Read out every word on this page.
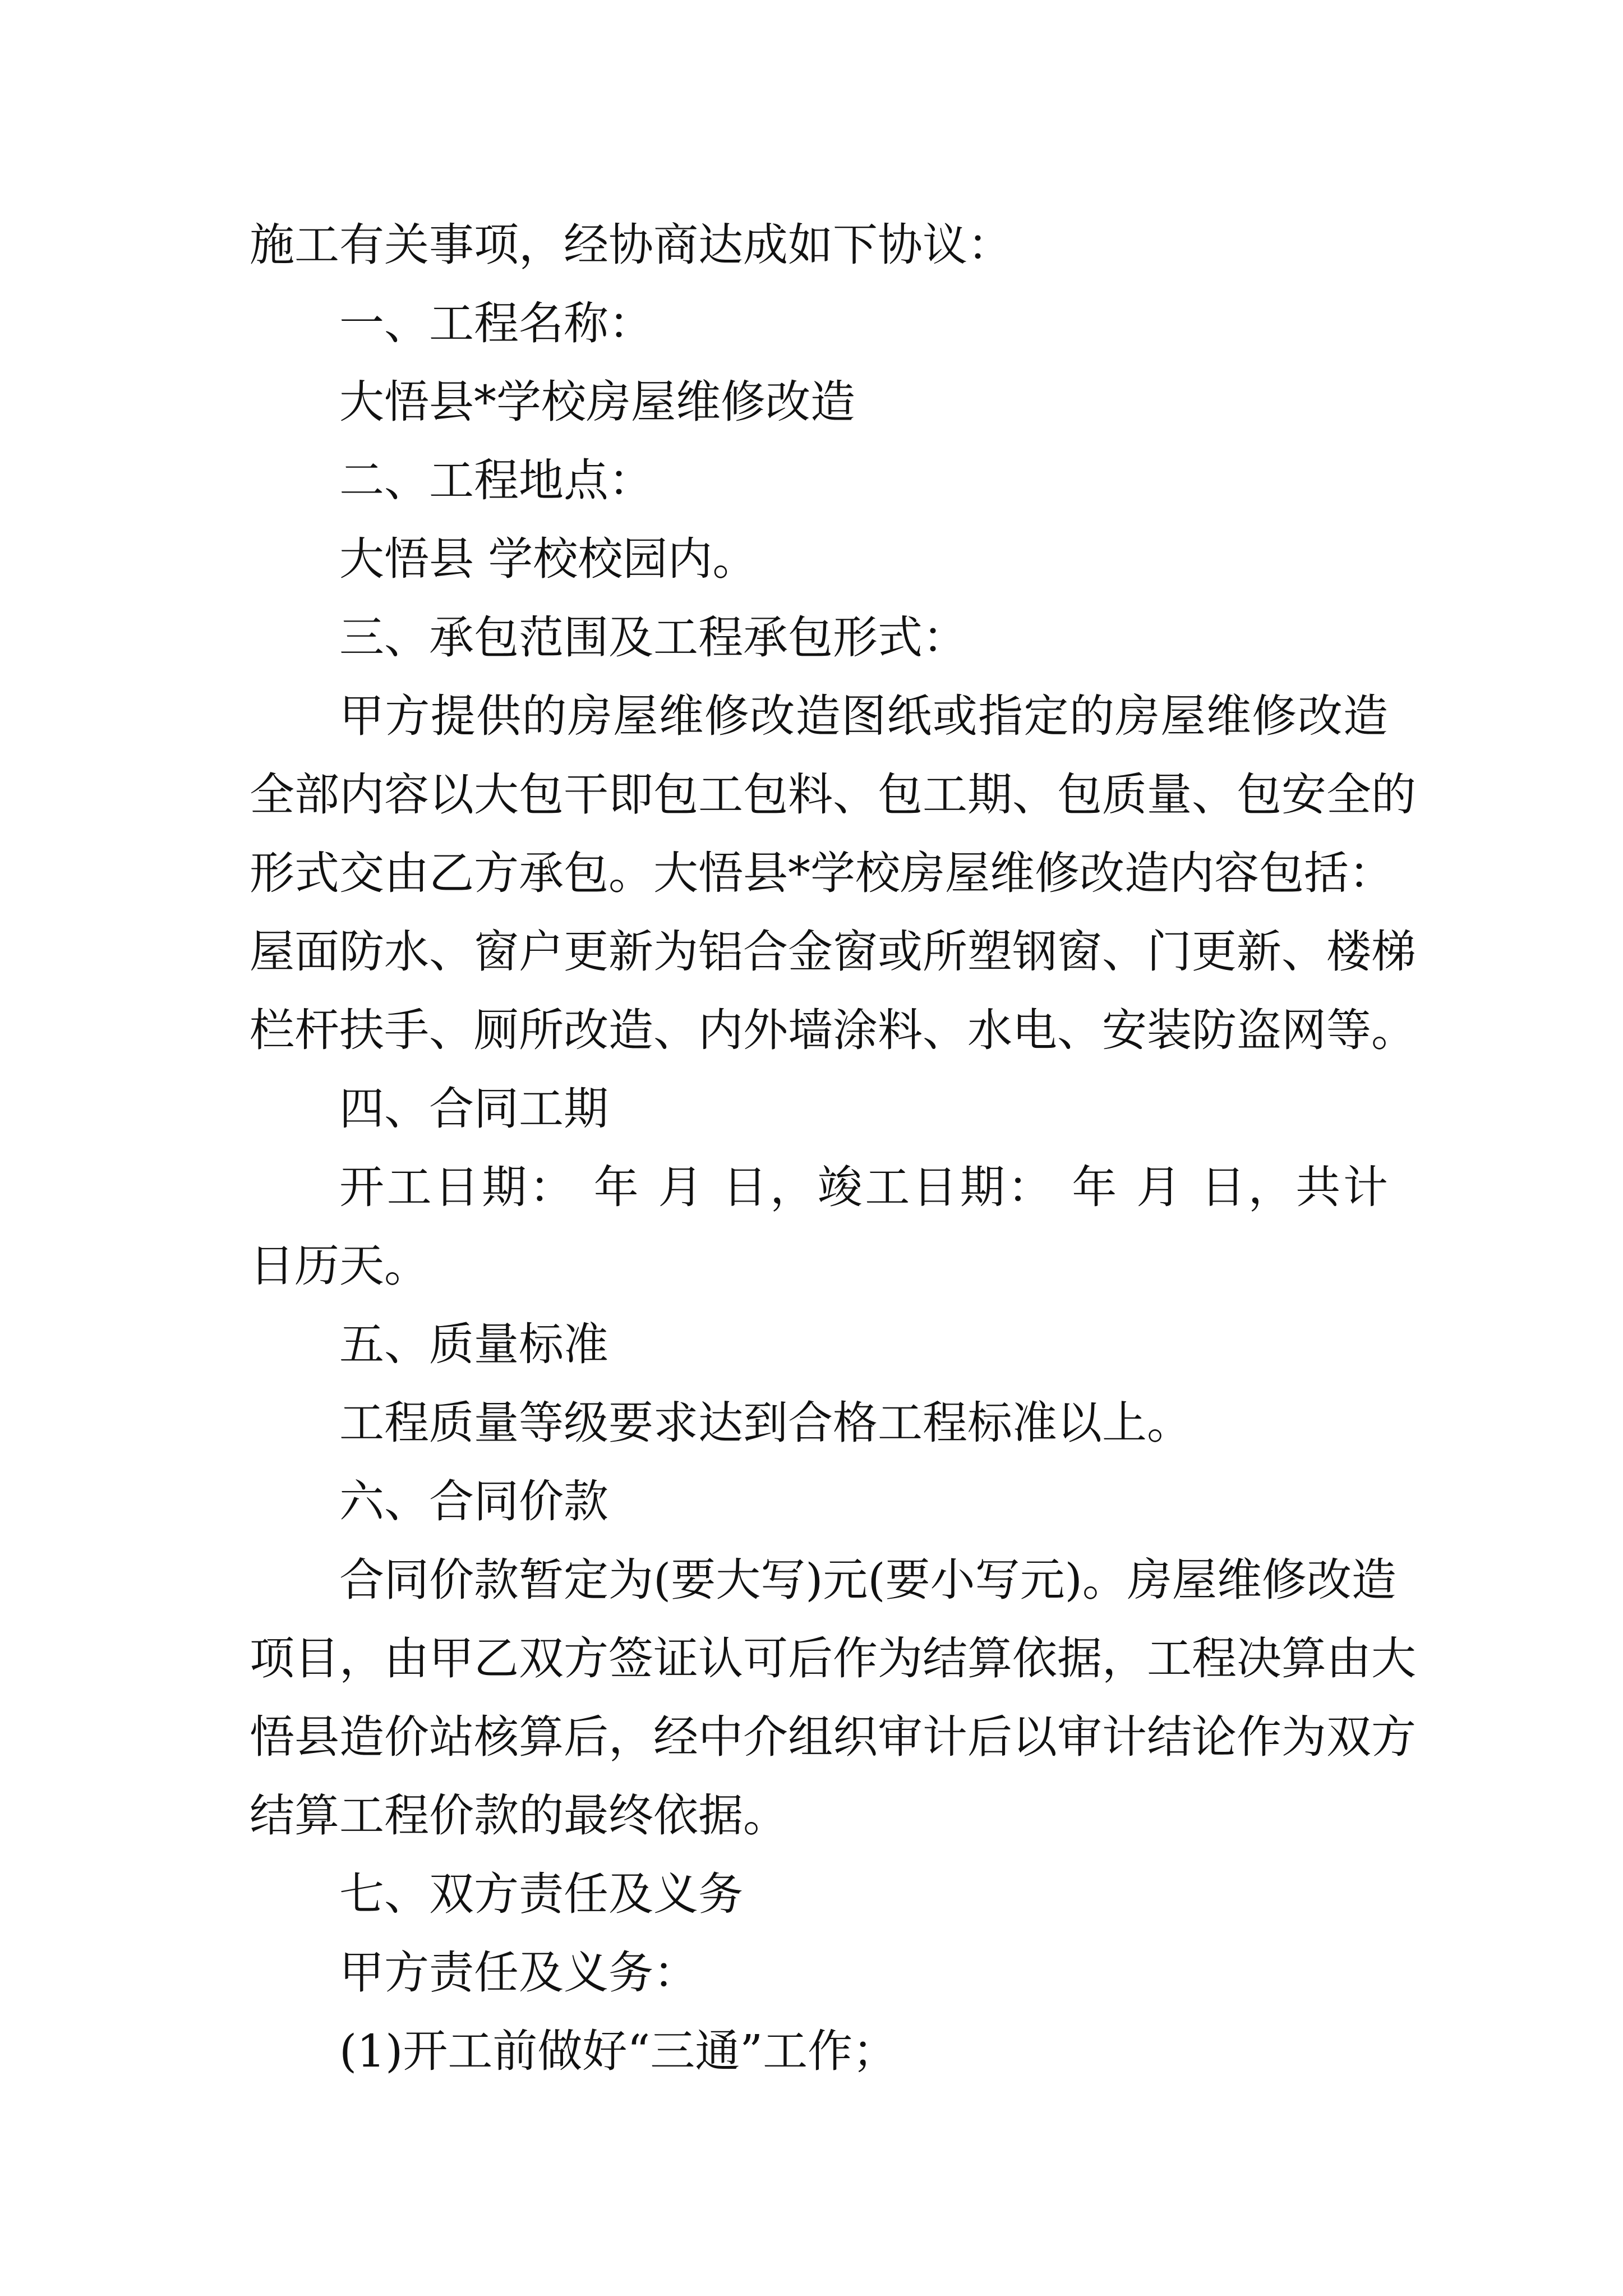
施工有关事项，经协商达成如下协议：
一、工程名称：
大悟县*学校房屋维修改造
二、工程地点：
大悟县 学校校园内。
三、承包范围及工程承包形式：
甲方提供的房屋维修改造图纸或指定的房屋维修改造
全部内容以大包干即包工包料、包工期、包质量、包安全的
形式交由乙方承包。大悟县*学校房屋维修改造内容包括：
屋面防水、窗户更新为铝合金窗或所塑钢窗、门更新、楼梯
栏杆扶手、厕所改造、内外墙涂料、水电、安装防盗网等。
四、合同工期
开工日期： 年 月 日，竣工日期： 年 月 日，共计
日历天。
五、质量标准
工程质量等级要求达到合格工程标准以上。
六、合同价款
合同价款暂定为(要大写)元(要小写元)。房屋维修改造
项目，由甲乙双方签证认可后作为结算依据，工程决算由大
悟县造价站核算后，经中介组织审计后以审计结论作为双方
结算工程价款的最终依据。
七、双方责任及义务
甲方责任及义务：
(1)开工前做好“三通”工作；
